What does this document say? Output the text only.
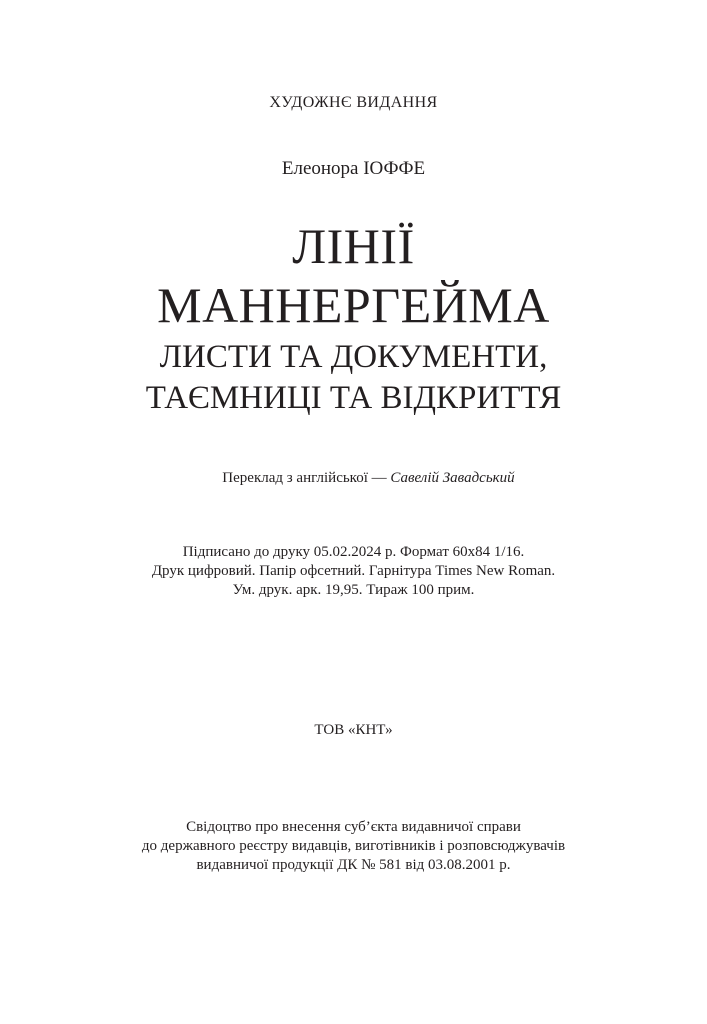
ХУДОЖНЄ ВИДАННЯ
Елеонора ІОФФЕ
ЛІНІЇ
МАННЕРГЕЙМА
ЛИСТИ ТА ДОКУМЕНТИ,
ТАЄМНИЦІ ТА ВІДКРИТТЯ
Переклад з англійської — Савелій Завадський
Підписано до друку 05.02.2024 р. Формат 60х84 1/16.
Друк цифровий. Папір офсетний. Гарнітура Times New Roman.
Ум. друк. арк. 19,95. Тираж 100 прим.
ТОВ «КНТ»
Свідоцтво про внесення суб’єкта видавничої справи
до державного реєстру видавців, виготівників і розповсюджувачів
видавничої продукції ДК № 581 від 03.08.2001 р.
